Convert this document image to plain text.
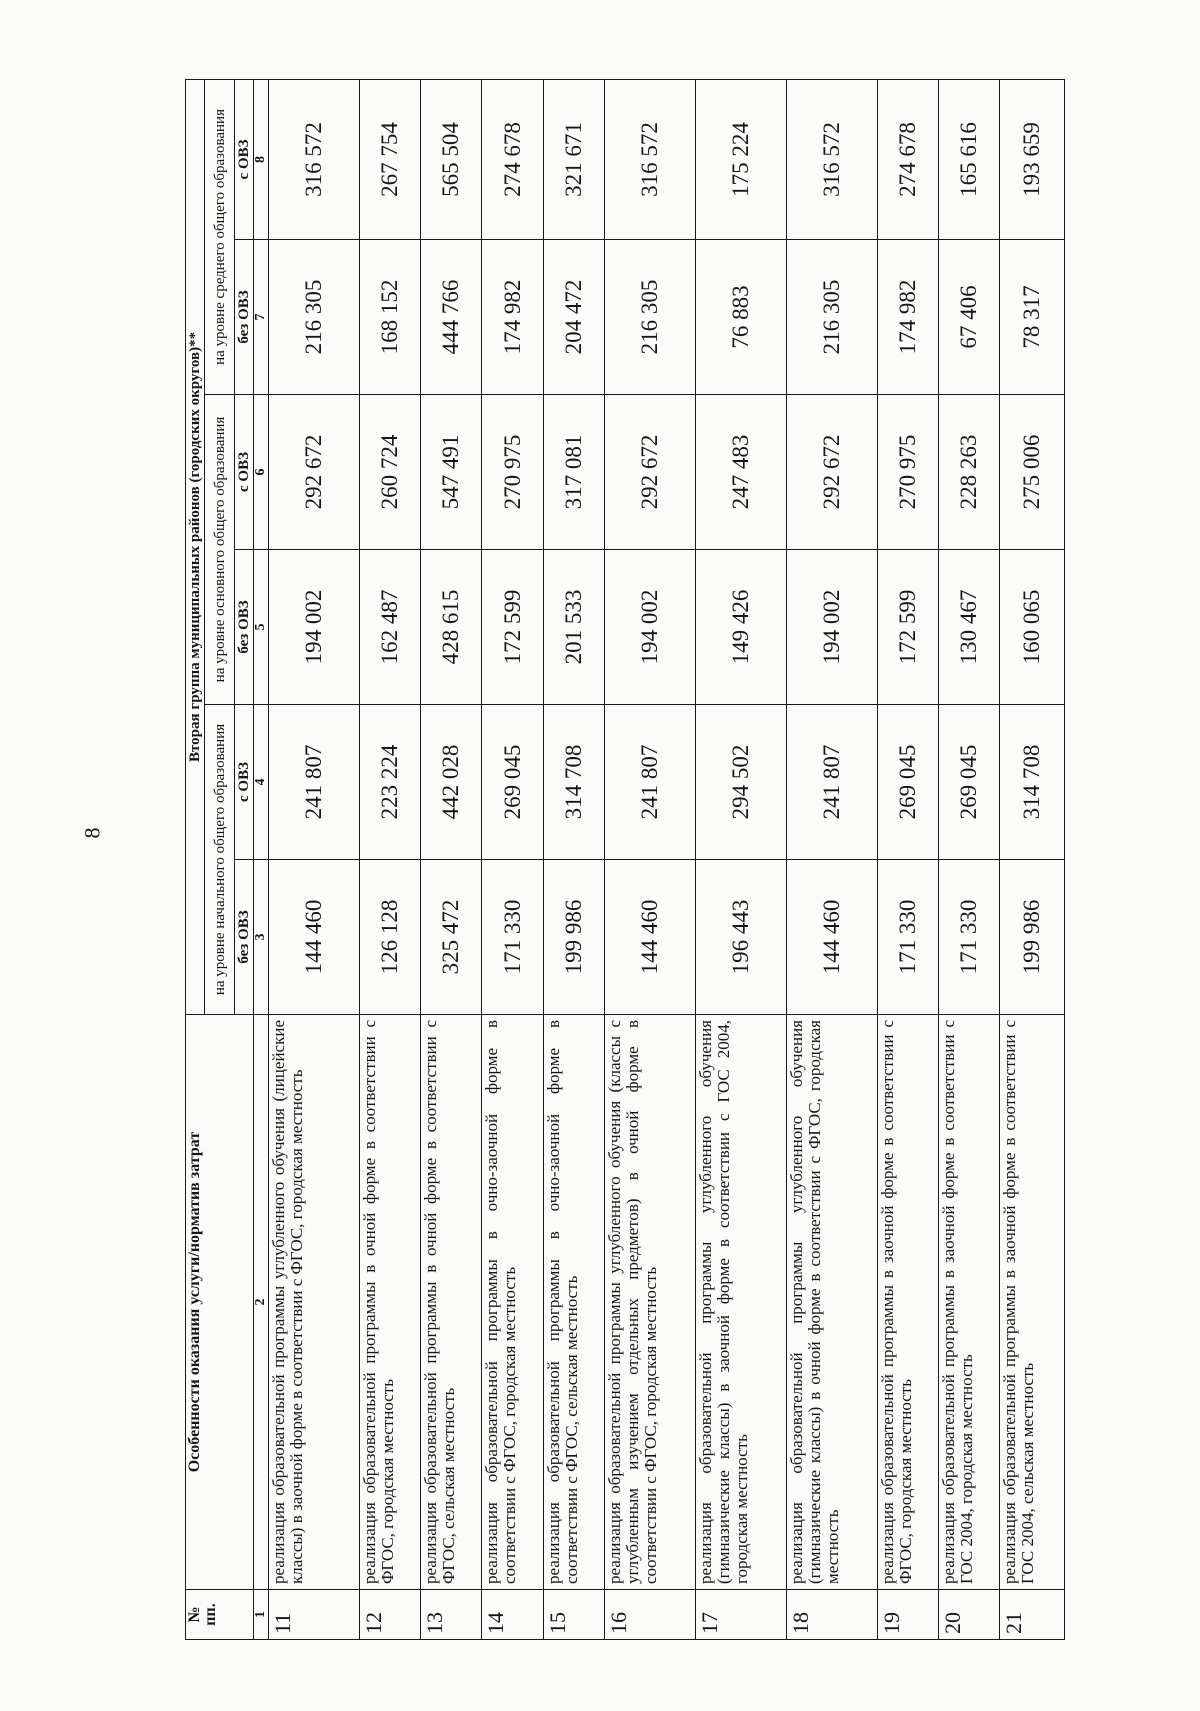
8
№ пп.	Особенности оказания услуги/норматив затрат	Вторая группа муниципальных районов (городских округов)**					
		на уровне начального общего образования		на уровне основного общего образования		на уровне среднего общего образования	
		без ОВЗ	с ОВЗ	без ОВЗ	с ОВЗ	без ОВЗ	с ОВЗ
1	2	3	4	5	6	7	8
11	реализация образовательной программы углубленного обучения (лицейские классы) в заочной форме в соответствии с ФГОС, городская местность	144 460	241 807	194 002	292 672	216 305	316 572
12	реализация образовательной программы в очной форме в соответствии с ФГОС, городская местность	126 128	223 224	162 487	260 724	168 152	267 754
13	реализация образовательной программы в очной форме в соответствии с ФГОС, сельская местность	325 472	442 028	428 615	547 491	444 766	565 504
14	реализация образовательной программы в очно-заочной форме в соответствии с ФГОС, городская местность	171 330	269 045	172 599	270 975	174 982	274 678
15	реализация образовательной программы в очно-заочной форме в соответствии с ФГОС, сельская местность	199 986	314 708	201 533	317 081	204 472	321 671
16	реализация образовательной программы углубленного обучения (классы с углубленным изучением отдельных предметов) в очной форме в соответствии с ФГОС, городская местность	144 460	241 807	194 002	292 672	216 305	316 572
17	реализация образовательной программы углубленного обучения (гимназические классы) в заочной форме в соответствии с ГОС 2004, городская местность	196 443	294 502	149 426	247 483	76 883	175 224
18	реализация образовательной программы углубленного обучения (гимназические классы) в очной форме в соответствии с ФГОС, городская местность	144 460	241 807	194 002	292 672	216 305	316 572
19	реализация образовательной программы в заочной форме в соответствии с ФГОС, городская местность	171 330	269 045	172 599	270 975	174 982	274 678
20	реализация образовательной программы в заочной форме в соответствии с ГОС 2004, городская местность	171 330	269 045	130 467	228 263	67 406	165 616
21	реализация образовательной программы в заочной форме в соответствии с ГОС 2004, сельская местность	199 986	314 708	160 065	275 006	78 317	193 659
